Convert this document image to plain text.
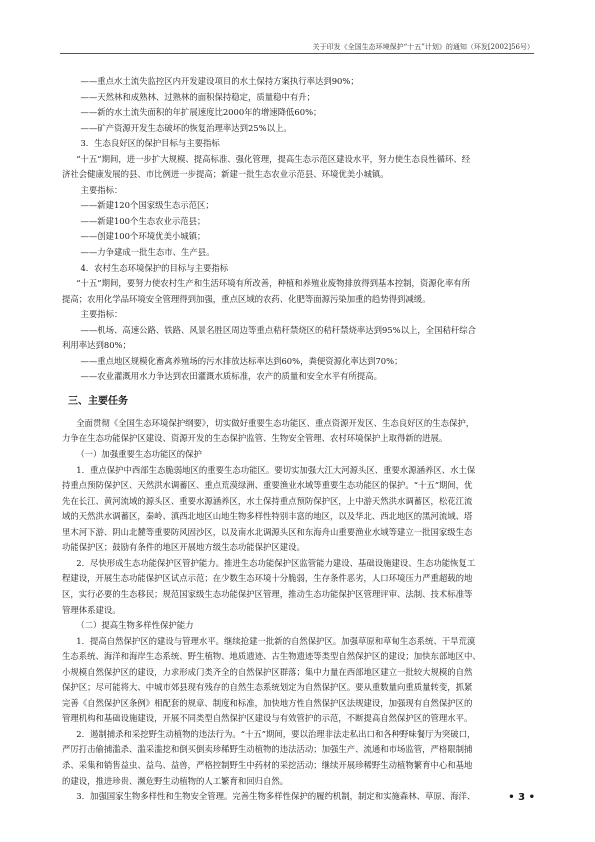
关于印发《全国生态环境保护“十五”计划》的通知（环发[2002]56号）

——重点水土流失监控区内开发建设项目的水土保持方案执行率达到90%；

——天然林和成熟林、过熟林的面积保持稳定，质量稳中有升；

——新的水土流失面积的年扩展速度比2000年的增速降低60%；

——矿产资源开发生态破坏的恢复治理率达到25%以上。

3．生态良好区的保护目标与主要指标

“十五”期间，进一步扩大规模、提高标准、强化管理，提高生态示范区建设水平，努力使生态良性循环、经

济社会健康发展的县、市比例进一步提高；新建一批生态农业示范县、环境优美小城镇。

主要指标：

——新建120个国家级生态示范区；

——新建100个生态农业示范县；

——创建100个环境优美小城镇；

——力争建成一批生态市、生产县。

4．农村生态环境保护的目标与主要指标

“十五”期间，要努力使农村生产和生活环境有所改善，种植和养殖业废物排放得到基本控制，资源化率有所

提高；农用化学品环境安全管理得到加强，重点区域的农药、化肥等面源污染加重的趋势得到减缓。

主要指标：

——机场、高速公路、铁路、风景名胜区周边等重点秸秆禁烧区的秸秆禁烧率达到95%以上，全国秸秆综合

利用率达到80%；

——重点地区规模化畜禽养殖场的污水排放达标率达到60%，粪便资源化率达到70%；

——农业灌溉用水力争达到农田灌溉水质标准，农产的质量和安全水平有所提高。

三、主要任务

全面贯彻《全国生态环境保护纲要》，切实做好重要生态功能区、重点资源开发区、生态良好区的生态保护，

力争在生态功能保护区建设、资源开发的生态保护监管、生物安全管理、农村环境保护上取得新的进展。

（一）加强重要生态功能区的保护

1．重点保护中西部生态脆弱地区的重要生态功能区。要切实加强大江大河源头区、重要水源涵养区、水土保

持重点预防保护区、天然洪水调蓄区、重点荒漠绿洲、重要渔业水域等重要生态功能区的保护。“十五”期间，优

先在长江、黄河流域的源头区、重要水源涵养区，水土保持重点预防保护区，上中游天然洪水调蓄区，松花江流

域的天然洪水调蓄区，秦岭、滇西北地区山地生物多样性特别丰富的地区，以及华北、西北地区的黑河流域、塔

里木河下游、阴山北麓等重要防风固沙区，以及南水北调源头区和东海舟山重要渔业水域等建立一批国家级生态

功能保护区；鼓励有条件的地区开展地方级生态功能保护区建设。

2．尽快形成生态功能保护区管护能力。推进生态功能保护区监管能力建设、基础设施建设、生态功能恢复工

程建设，开展生态功能保护区试点示范；在少数生态环境十分脆弱，生存条件恶劣，人口环境压力严重超载的地

区，实行必要的生态移民；规范国家级生态功能保护区管理，推动生态功能保护区管理评审、法制、技术标准等

管理体系建设。

（二）提高生物多样性保护能力

1．提高自然保护区的建设与管理水平。继续抢建一批新的自然保护区。加强草原和草甸生态系统、干旱荒漠

生态系统、海洋和海岸生态系统、野生植物、地质遗迹、古生物遗迹等类型自然保护区的建设；加快东部地区中、

小规模自然保护区的建设，力求形成门类齐全的自然保护区群落；集中力量在西部地区建立一批较大规模的自然

保护区；尽可能将大、中城市郊县现有残存的自然生态系统划定为自然保护区。要从重数量向重质量转变，抓紧

完善《自然保护区条例》相配套的规章、制度和标准，加快地方性自然保护区法规建设，加强现有自然保护区的

管理机构和基础设施建设，开展不同类型自然保护区建设与有效管护的示范，不断提高自然保护区的管理水平。

2．遏制捕杀和采挖野生动植物的违法行为。“十五”期间，要以治理非法走私出口和各种野味餐厅为突破口，

严厉打击偷捕滥杀、滥采滥挖和倒买倒卖珍稀野生动植物的违法活动；加强生产、流通和市场监管，严格限制捕

杀、采集和销售益虫、益鸟、益兽，严格控制野生中药材的采挖活动；继续开展珍稀野生动植物繁育中心和基地

的建设，推进珍贵、濒危野生动植物的人工繁育和回归自然。

3．加强国家生物多样性和生物安全管理。完善生物多样性保护的履约机制，制定和实施森林、草原、海洋、	• 3 •
